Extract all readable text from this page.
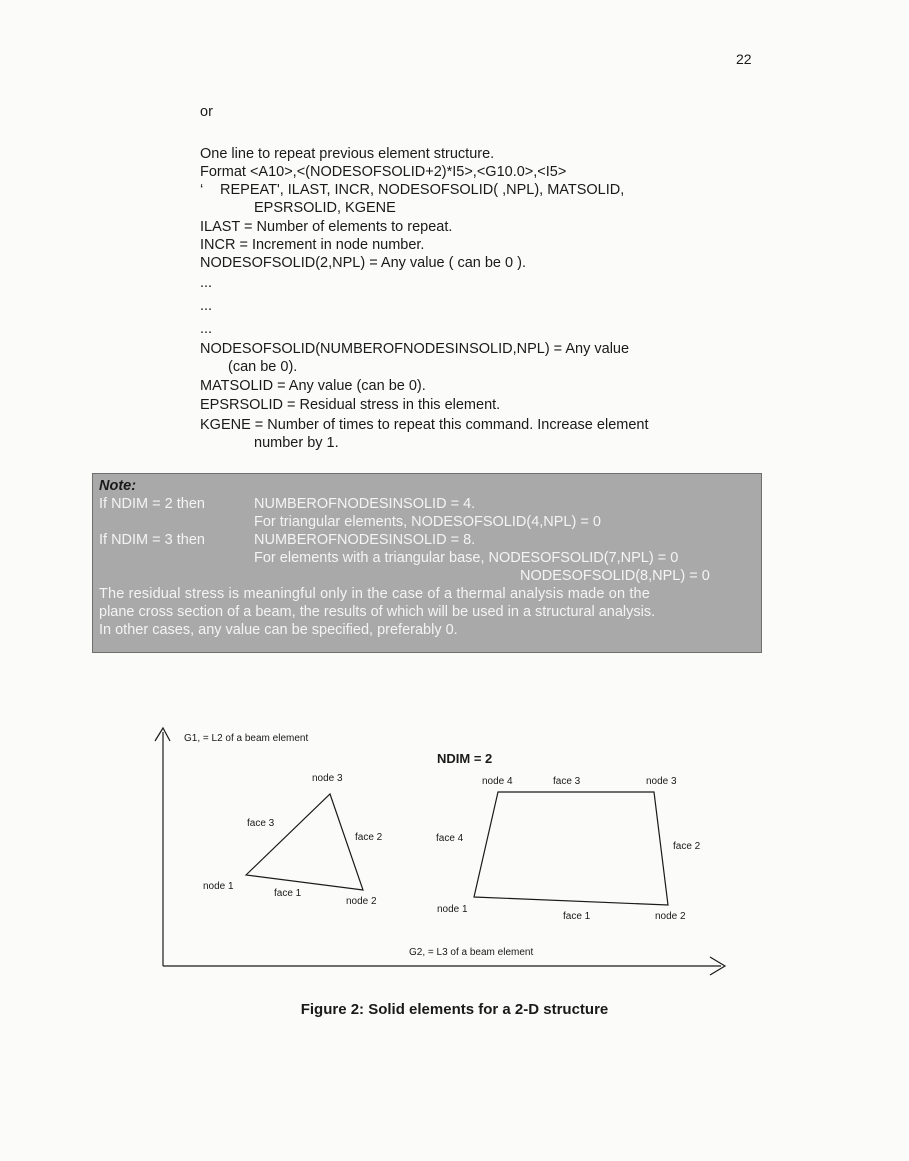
22
or
One line to repeat previous element structure.
Format <A10>,<(NODESOFSOLID+2)*I5>,<G10.0>,<I5>
‘	REPEAT', ILAST, INCR, NODESOFSOLID( ,NPL), MATSOLID,
EPSRSOLID, KGENE
ILAST = Number of elements to repeat.
INCR = Increment in node number.
NODESOFSOLID(2,NPL) = Any value ( can be 0 ).
...
...
...
NODESOFSOLID(NUMBEROFNODESINSOLID,NPL) = Any value
(can be 0).
MATSOLID = Any value (can be 0).
EPSRSOLID = Residual stress in this element.
KGENE = Number of times to repeat this command. Increase element
number by 1.
Note:
If NDIM = 2 then	NUMBEROFNODESINSOLID = 4.
For triangular elements, NODESOFSOLID(4,NPL) = 0
If NDIM = 3 then	NUMBEROFNODESINSOLID = 8.
For elements with a triangular base, NODESOFSOLID(7,NPL) = 0
NODESOFSOLID(8,NPL) = 0
The residual stress is meaningful only in the case of a thermal analysis made on the
plane cross section of a beam, the results of which will be used in a structural analysis.
In other cases, any value can be specified, preferably 0.
G1, = L2 of a beam element
G2, = L3 of a beam element
NDIM = 2
node 3
face 3
face 2
node 1
face 1
node 2
node 4	face 3	node 3
face 4
face 2
node 1
face 1	node 2
Figure 2: Solid elements for a 2-D structure
